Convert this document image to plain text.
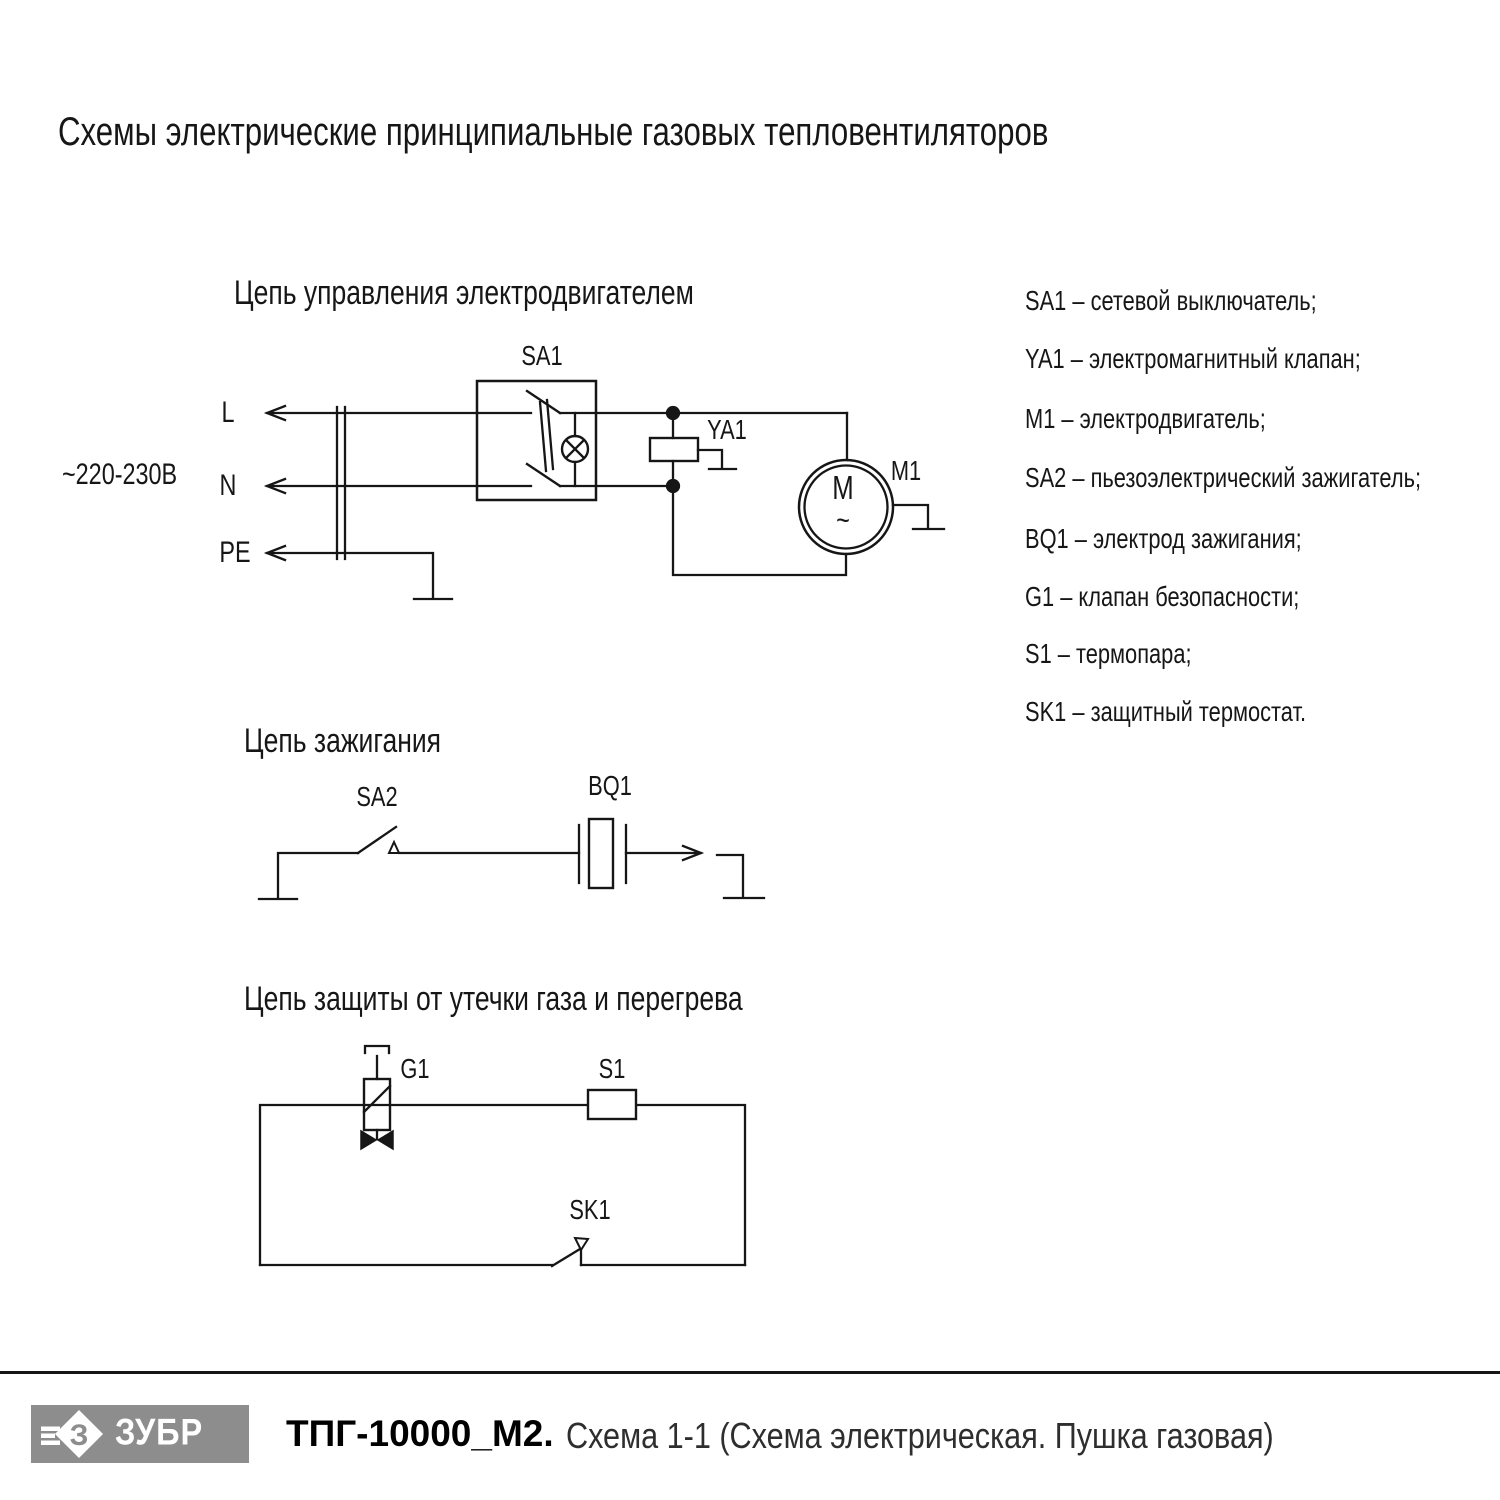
Схемы электрические принципиальные газовых тепловентиляторов
Цепь управления электродвигателем
~220-230В
L
N
PE
SA1
YA1
M1
M
~
SA1 – сетевой выключатель;
YA1 – электромагнитный клапан;
M1 – электродвигатель;
SA2 – пьезоэлектрический зажигатель;
BQ1 – электрод зажигания;
G1 – клапан безопасности;
S1 – термопара;
SK1 – защитный термостат.
Цепь зажигания
SA2	BQ1
Цепь защиты от утечки газа и перегрева
G1	S1
SK1
З ЗУБР ТПГ-10000_М2. Схема 1-1 (Схема электрическая. Пушка газовая)
